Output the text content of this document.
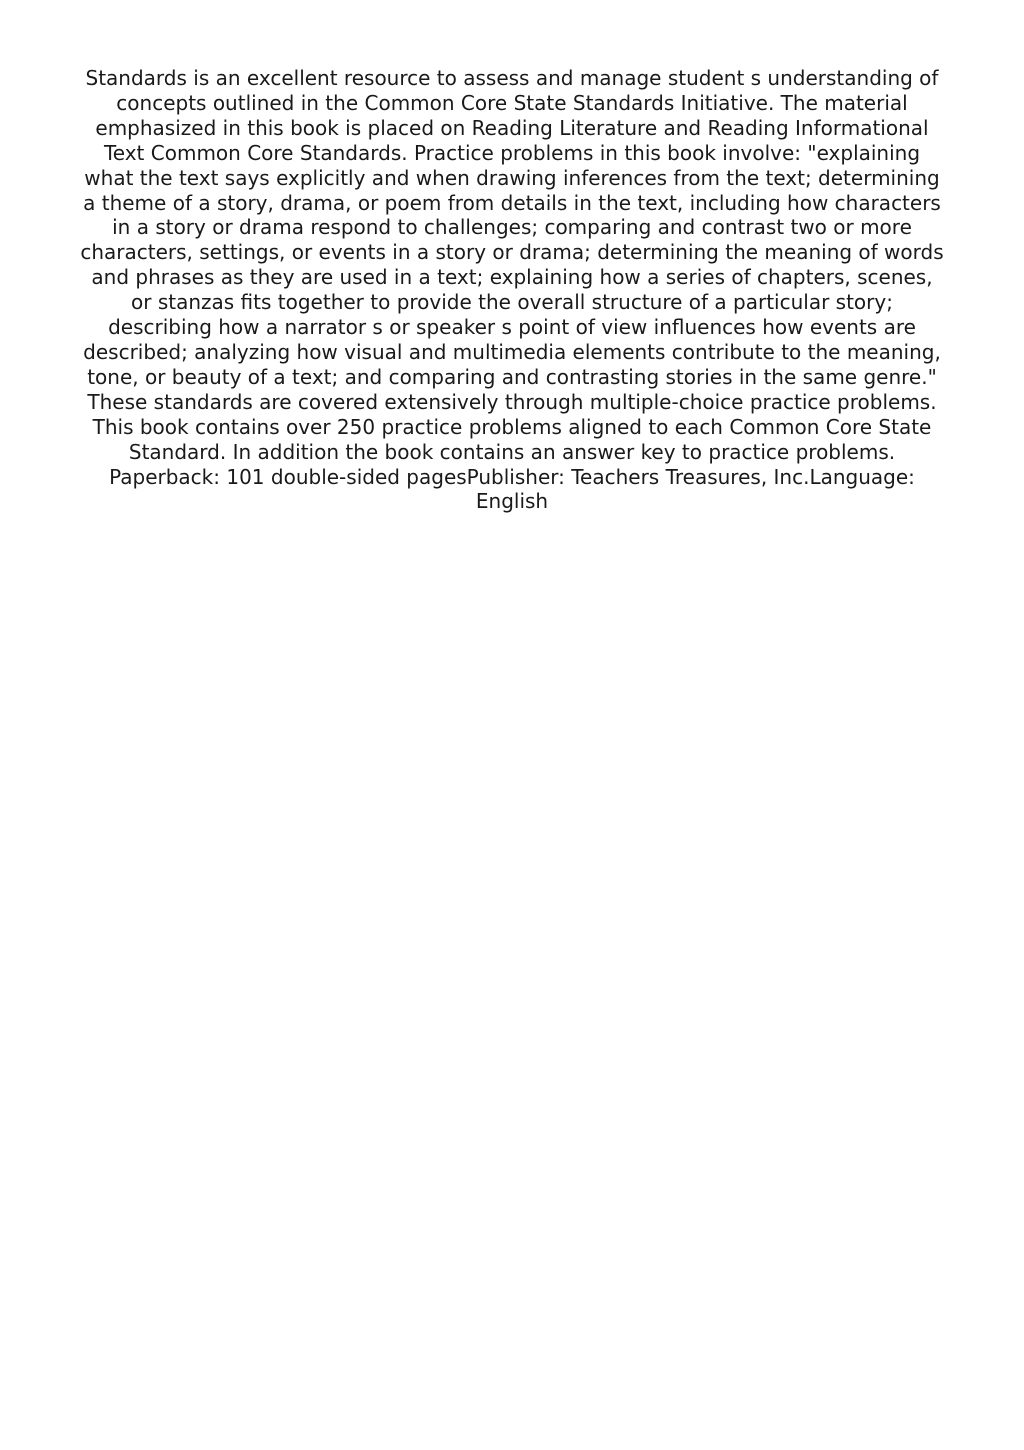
Standards is an excellent resource to assess and manage student s understanding of
concepts outlined in the Common Core State Standards Initiative. The material
emphasized in this book is placed on Reading Literature and Reading Informational
Text Common Core Standards. Practice problems in this book involve: "explaining
what the text says explicitly and when drawing inferences from the text; determining
a theme of a story, drama, or poem from details in the text, including how characters
in a story or drama respond to challenges; comparing and contrast two or more
characters, settings, or events in a story or drama; determining the meaning of words
and phrases as they are used in a text; explaining how a series of chapters, scenes,
or stanzas fits together to provide the overall structure of a particular story;
describing how a narrator s or speaker s point of view influences how events are
described; analyzing how visual and multimedia elements contribute to the meaning,
tone, or beauty of a text; and comparing and contrasting stories in the same genre."
These standards are covered extensively through multiple-choice practice problems.
This book contains over 250 practice problems aligned to each Common Core State
Standard. In addition the book contains an answer key to practice problems.
Paperback: 101 double-sided pagesPublisher: Teachers Treasures, Inc.Language:
English
